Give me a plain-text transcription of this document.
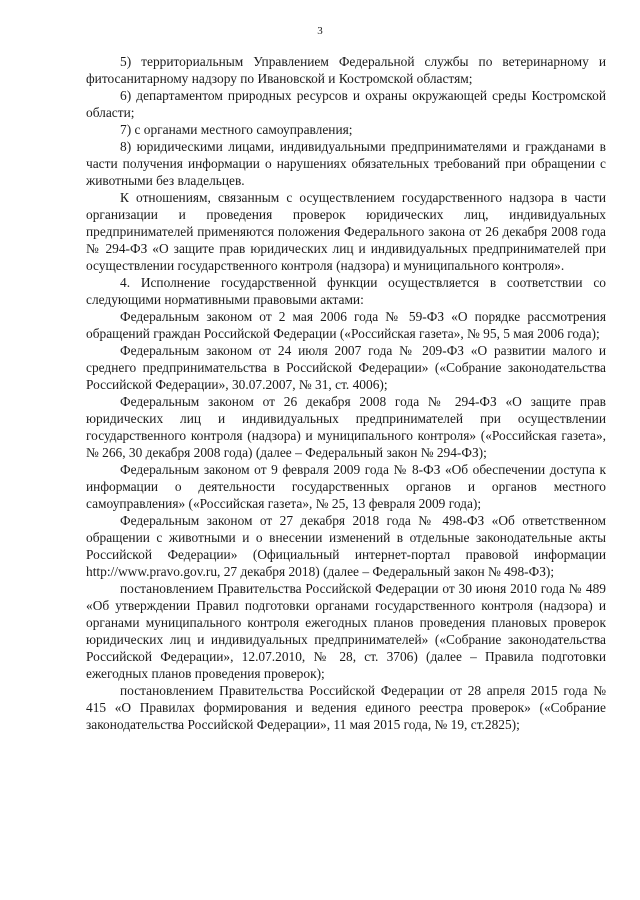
3

5) территориальным Управлением Федеральной службы по ветеринарному и фитосанитарному надзору по Ивановской и Костромской областям;

6) департаментом природных ресурсов и охраны окружающей среды Костромской области;

7) с органами местного самоуправления;

8) юридическими лицами, индивидуальными предпринимателями и гражданами в части получения информации о нарушениях обязательных требований при обращении с животными без владельцев.

К отношениям, связанным с осуществлением государственного надзора в части организации и проведения проверок юридических лиц, индивидуальных предпринимателей применяются положения Федерального закона от 26 декабря 2008 года № 294-ФЗ «О защите прав юридических лиц и индивидуальных предпринимателей при осуществлении государственного контроля (надзора) и муниципального контроля».

4. Исполнение государственной функции осуществляется в соответствии со следующими нормативными правовыми актами:

Федеральным законом от 2 мая 2006 года № 59-ФЗ «О порядке рассмотрения обращений граждан Российской Федерации («Российская газета», № 95, 5 мая 2006 года);

Федеральным законом от 24 июля 2007 года № 209-ФЗ «О развитии малого и среднего предпринимательства в Российской Федерации» («Собрание законодательства Российской Федерации», 30.07.2007, № 31, ст. 4006);

Федеральным законом от 26 декабря 2008 года № 294-ФЗ «О защите прав юридических лиц и индивидуальных предпринимателей при осуществлении государственного контроля (надзора) и муниципального контроля» («Российская газета», № 266, 30 декабря 2008 года) (далее – Федеральный закон № 294-ФЗ);

Федеральным законом от 9 февраля 2009 года № 8-ФЗ «Об обеспечении доступа к информации о деятельности государственных органов и органов местного самоуправления» («Российская газета», № 25, 13 февраля 2009 года);

Федеральным законом от 27 декабря 2018 года № 498-ФЗ «Об ответственном обращении с животными и о внесении изменений в отдельные законодательные акты Российской Федерации» (Официальный интернет-портал правовой информации http://www.pravo.gov.ru, 27 декабря 2018) (далее – Федеральный закон № 498-ФЗ);

постановлением Правительства Российской Федерации от 30 июня 2010 года № 489 «Об утверждении Правил подготовки органами государственного контроля (надзора) и органами муниципального контроля ежегодных планов проведения плановых проверок юридических лиц и индивидуальных предпринимателей» («Собрание законодательства Российской Федерации», 12.07.2010, № 28, ст. 3706) (далее – Правила подготовки ежегодных планов проведения проверок);

постановлением Правительства Российской Федерации от 28 апреля 2015 года № 415 «О Правилах формирования и ведения единого реестра проверок» («Собрание законодательства Российской Федерации», 11 мая 2015 года, № 19, ст.2825);
